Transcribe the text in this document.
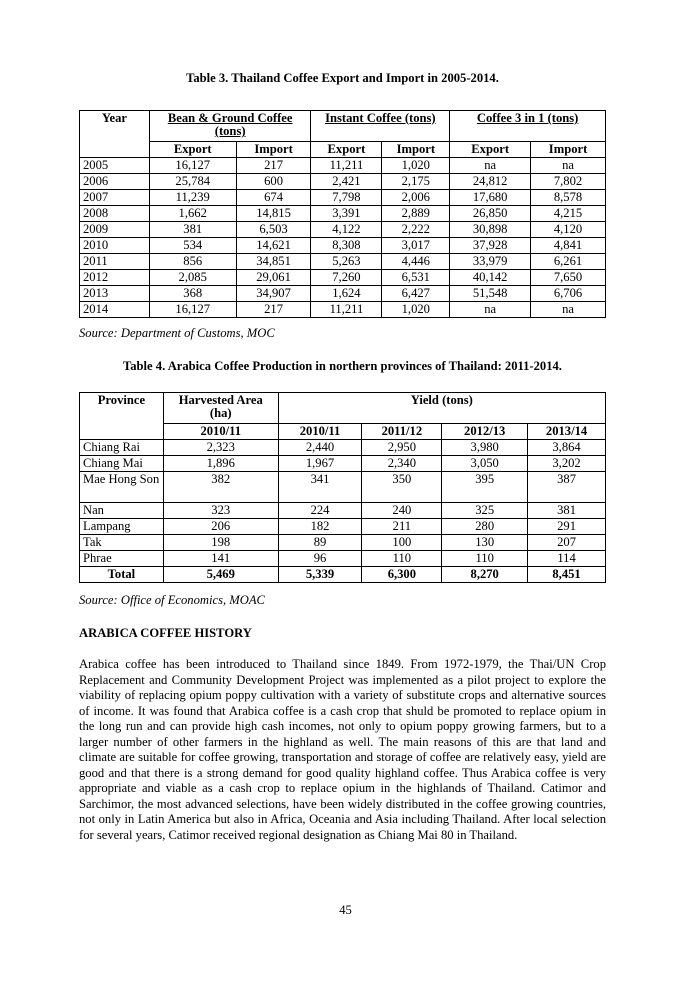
Table 3. Thailand Coffee Export and Import in 2005-2014.
Year	Bean & Ground Coffee (tons)		Instant Coffee (tons)		Coffee 3 in 1 (tons)	
	Export	Import	Export	Import	Export	Import
2005	16,127	217	11,211	1,020	na	na
2006	25,784	600	2,421	2,175	24,812	7,802
2007	11,239	674	7,798	2,006	17,680	8,578
2008	1,662	14,815	3,391	2,889	26,850	4,215
2009	381	6,503	4,122	2,222	30,898	4,120
2010	534	14,621	8,308	3,017	37,928	4,841
2011	856	34,851	5,263	4,446	33,979	6,261
2012	2,085	29,061	7,260	6,531	40,142	7,650
2013	368	34,907	1,624	6,427	51,548	6,706
2014	16,127	217	11,211	1,020	na	na
Source: Department of Customs, MOC
Table 4. Arabica Coffee Production in northern provinces of Thailand: 2011-2014.
Province	Harvested Area (ha)	Yield (tons)			
	2010/11	2010/11	2011/12	2012/13	2013/14
Chiang Rai	2,323	2,440	2,950	3,980	3,864
Chiang Mai	1,896	1,967	2,340	3,050	3,202
Mae Hong Son	382	341	350	395	387
Nan	323	224	240	325	381
Lampang	206	182	211	280	291
Tak	198	89	100	130	207
Phrae	141	96	110	110	114
Total	5,469	5,339	6,300	8,270	8,451
Source: Office of Economics, MOAC
ARABICA COFFEE HISTORY

Arabica coffee has been introduced to Thailand since 1849. From 1972-1979, the Thai/UN Crop Replacement and Community Development Project was implemented as a pilot project to explore the viability of replacing opium poppy cultivation with a variety of substitute crops and alternative sources of income. It was found that Arabica coffee is a cash crop that shuld be promoted to replace opium in the long run and can provide high cash incomes, not only to opium poppy growing farmers, but to a larger number of other farmers in the highland as well. The main reasons of this are that land and climate are suitable for coffee growing, transportation and storage of coffee are relatively easy, yield are good and that there is a strong demand for good quality highland coffee. Thus Arabica coffee is very appropriate and viable as a cash crop to replace opium in the highlands of Thailand. Catimor and Sarchimor, the most advanced selections, have been widely distributed in the coffee growing countries, not only in Latin America but also in Africa, Oceania and Asia including Thailand. After local selection for several years, Catimor received regional designation as Chiang Mai 80 in Thailand.

45
